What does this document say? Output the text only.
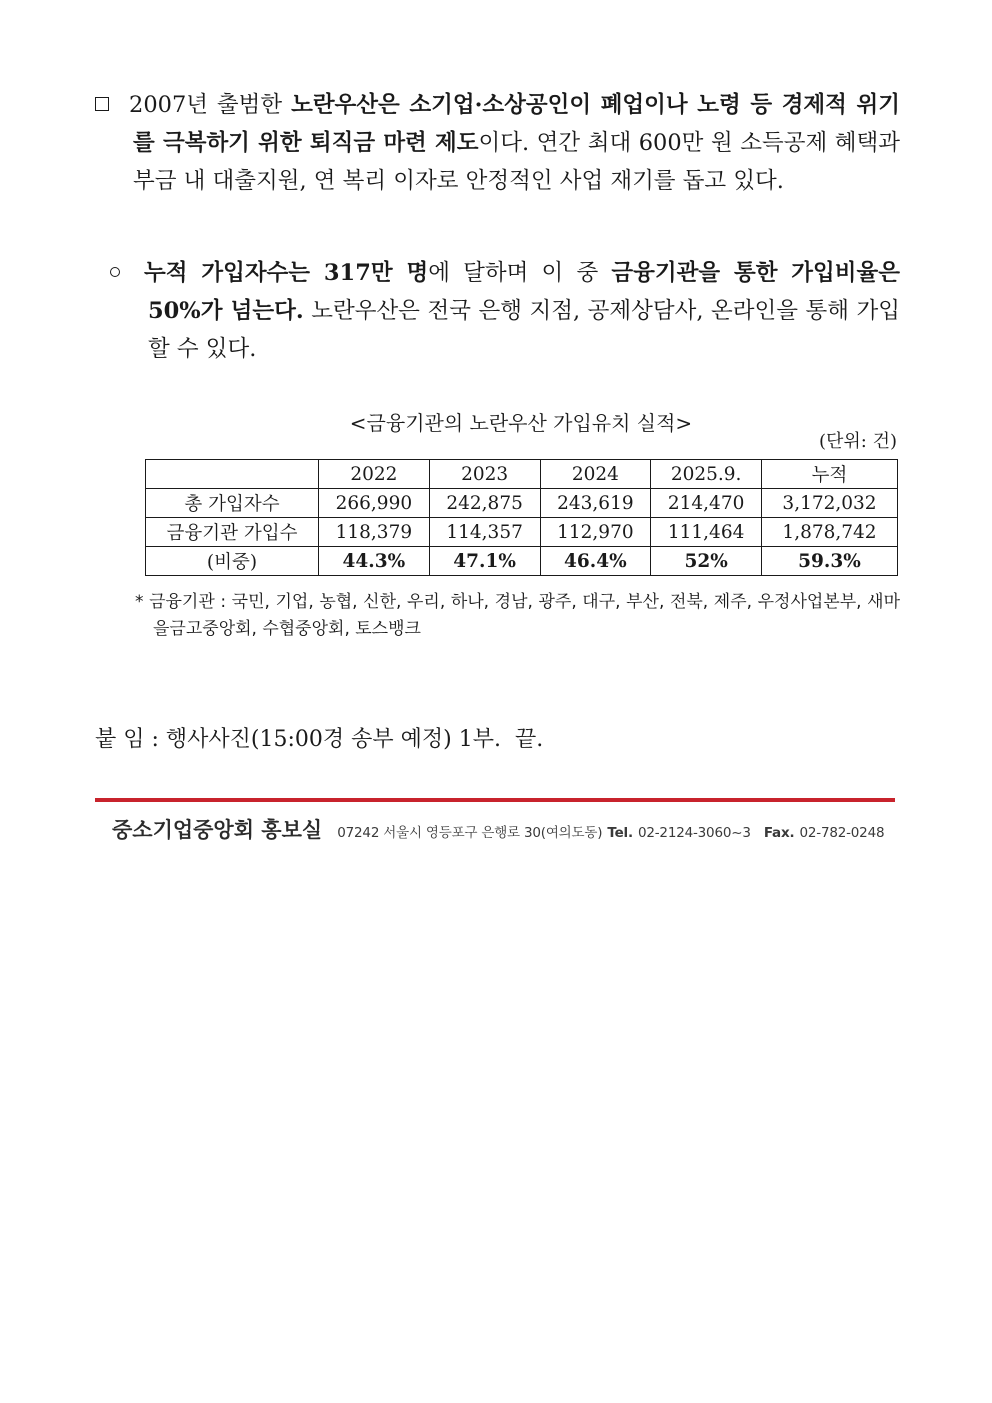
2007년 출범한 노란우산은 소기업·소상공인이 폐업이나 노령 등 경제적 위기를 극복하기 위한 퇴직금 마련 제도이다. 연간 최대 600만 원 소득공제 혜택과 부금 내 대출지원, 연 복리 이자로 안정적인 사업 재기를 돕고 있다.
누적 가입자수는 317만 명에 달하며 이 중 금융기관을 통한 가입비율은 50%가 넘는다. 노란우산은 전국 은행 지점, 공제상담사, 온라인을 통해 가입할 수 있다.
<금융기관의 노란우산 가입유치 실적>
(단위: 건)
	2022	2023	2024	2025.9.	누적
총 가입자수	266,990	242,875	243,619	214,470	3,172,032
금융기관 가입수	118,379	114,357	112,970	111,464	1,878,742
(비중)	44.3%	47.1%	46.4%	52%	59.3%
* 금융기관 : 국민, 기업, 농협, 신한, 우리, 하나, 경남, 광주, 대구, 부산, 전북, 제주, 우정사업본부, 새마을금고중앙회, 수협중앙회, 토스뱅크
붙 임 : 행사사진(15:00경 송부 예정) 1부.  끝.
중소기업중앙회 홍보실 07242 서울시 영등포구 은행로 30(여의도동) Tel. 02-2124-3060~3 Fax. 02-782-0248
